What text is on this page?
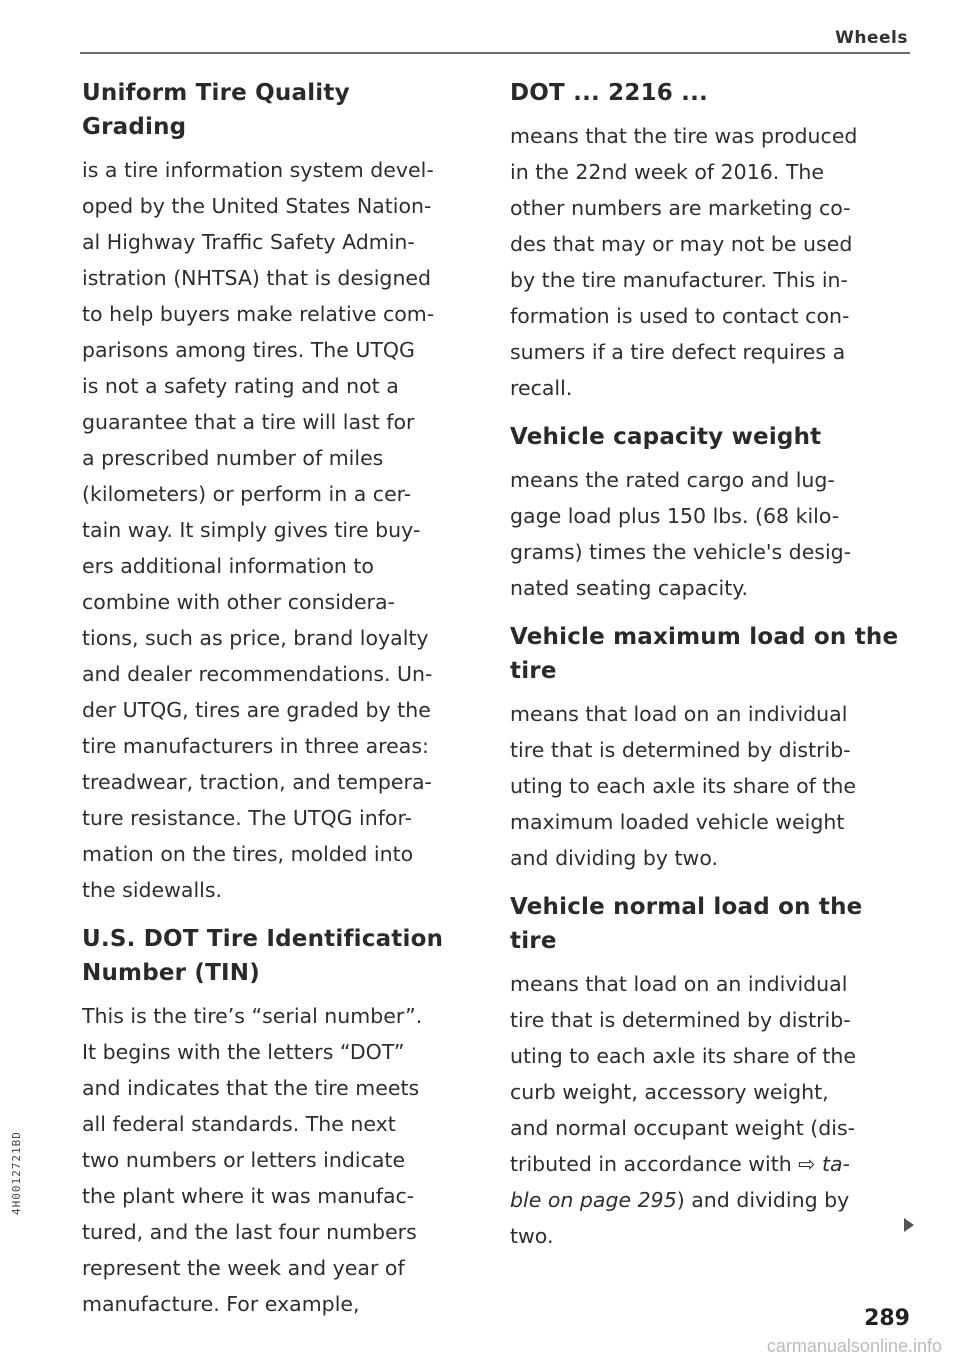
Wheels
Uniform Tire Quality Grading

is a tire information system devel-
oped by the United States Nation-
al Highway Traffic Safety Admin-
istration (NHTSA) that is designed
to help buyers make relative com-
parisons among tires. The UTQG
is not a safety rating and not a
guarantee that a tire will last for
a prescribed number of miles
(kilometers) or perform in a cer-
tain way. It simply gives tire buy-
ers additional information to
combine with other considera-
tions, such as price, brand loyalty
and dealer recommendations. Un-
der UTQG, tires are graded by the
tire manufacturers in three areas:
treadwear, traction, and tempera-
ture resistance. The UTQG infor-
mation on the tires, molded into
the sidewalls.

U.S. DOT Tire Identification
Number (TIN)

This is the tire’s “serial number”.
It begins with the letters “DOT”
and indicates that the tire meets
all federal standards. The next
two numbers or letters indicate
the plant where it was manufac-
tured, and the last four numbers
represent the week and year of
manufacture. For example,

DOT ... 2216 ...

means that the tire was produced
in the 22nd week of 2016. The
other numbers are marketing co-
des that may or may not be used
by the tire manufacturer. This in-
formation is used to contact con-
sumers if a tire defect requires a
recall.

Vehicle capacity weight

means the rated cargo and lug-
gage load plus 150 lbs. (68 kilo-
grams) times the vehicle's desig-
nated seating capacity.

Vehicle maximum load on the
tire

means that load on an individual
tire that is determined by distrib-
uting to each axle its share of the
maximum loaded vehicle weight
and dividing by two.

Vehicle normal load on the tire

means that load on an individual
tire that is determined by distrib-
uting to each axle its share of the
curb weight, accessory weight,
and normal occupant weight (dis-
tributed in accordance with ⇨ ta-
ble on page 295) and dividing by
two.

289
4H0012721BD
carmanualsonline.info
